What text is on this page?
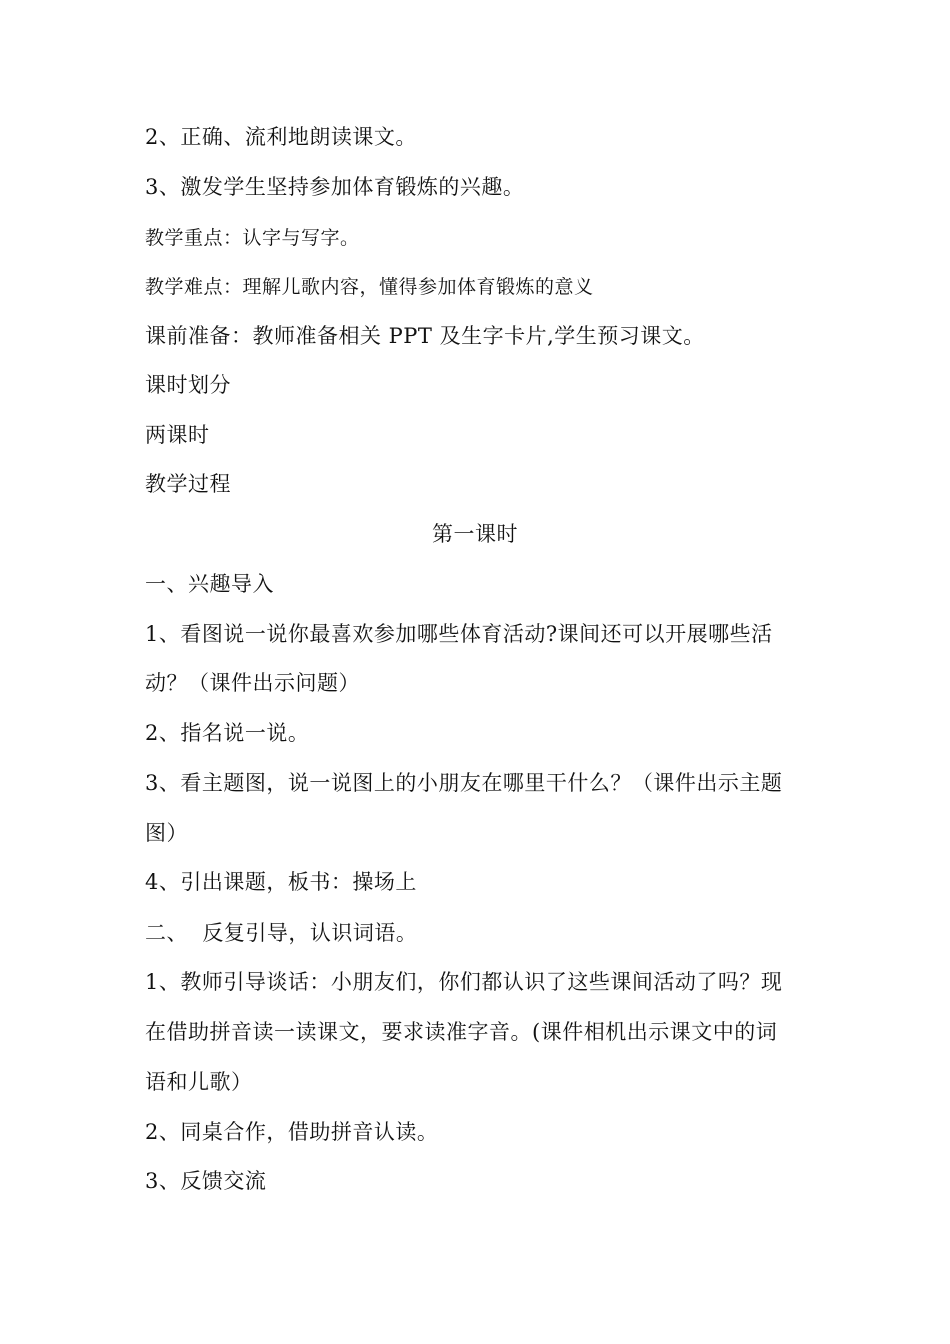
2、正确、流利地朗读课文。
3、激发学生坚持参加体育锻炼的兴趣。
教学重点：认字与写字。
教学难点：理解儿歌内容，懂得参加体育锻炼的意义
课前准备：教师准备相关 PPT 及生字卡片,学生预习课文。
课时划分
两课时
教学过程
第一课时
一、兴趣导入
1、看图说一说你最喜欢参加哪些体育活动?课间还可以开展哪些活
动？（课件出示问题）
2、指名说一说。
3、看主题图，说一说图上的小朋友在哪里干什么？（课件出示主题
图）
4、引出课题，板书：操场上
二、  反复引导，认识词语。
1、教师引导谈话：小朋友们，你们都认识了这些课间活动了吗？现
在借助拼音读一读课文，要求读准字音。(课件相机出示课文中的词
语和儿歌）
2、同桌合作，借助拼音认读。
3、反馈交流
